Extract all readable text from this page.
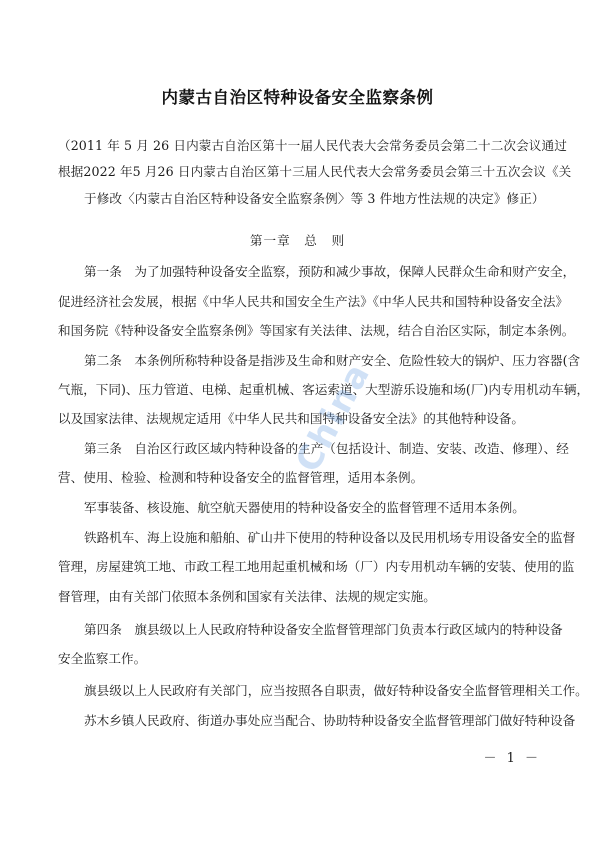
内蒙古自治区特种设备安全监察条例
（2011 年 5 月 26 日内蒙古自治区第十一届人民代表大会常务委员会第二十二次会议通过
根据2022 年5 月26 日内蒙古自治区第十三届人民代表大会常务委员会第三十五次会议《关
于修改〈内蒙古自治区特种设备安全监察条例〉等 3 件地方性法规的决定》修正）
第一章　总　则
第一条　为了加强特种设备安全监察，预防和减少事故，保障人民群众生命和财产安全，
促进经济社会发展，根据《中华人民共和国安全生产法》《中华人民共和国特种设备安全法》
和国务院《特种设备安全监察条例》等国家有关法律、法规，结合自治区实际，制定本条例。
第二条　本条例所称特种设备是指涉及生命和财产安全、危险性较大的锅炉、压力容器(含
气瓶，下同)、压力管道、电梯、起重机械、客运索道、大型游乐设施和场(厂)内专用机动车辆，
以及国家法律、法规规定适用《中华人民共和国特种设备安全法》的其他特种设备。
第三条　自治区行政区域内特种设备的生产（包括设计、制造、安装、改造、修理）、经
营、使用、检验、检测和特种设备安全的监督管理，适用本条例。
军事装备、核设施、航空航天器使用的特种设备安全的监督管理不适用本条例。
铁路机车、海上设施和船舶、矿山井下使用的特种设备以及民用机场专用设备安全的监督
管理，房屋建筑工地、市政工程工地用起重机械和场（厂）内专用机动车辆的安装、使用的监
督管理，由有关部门依照本条例和国家有关法律、法规的规定实施。
第四条　旗县级以上人民政府特种设备安全监督管理部门负责本行政区域内的特种设备
安全监察工作。
旗县级以上人民政府有关部门，应当按照各自职责，做好特种设备安全监督管理相关工作。
苏木乡镇人民政府、街道办事处应当配合、协助特种设备安全监督管理部门做好特种设备
－ 1 －
China
